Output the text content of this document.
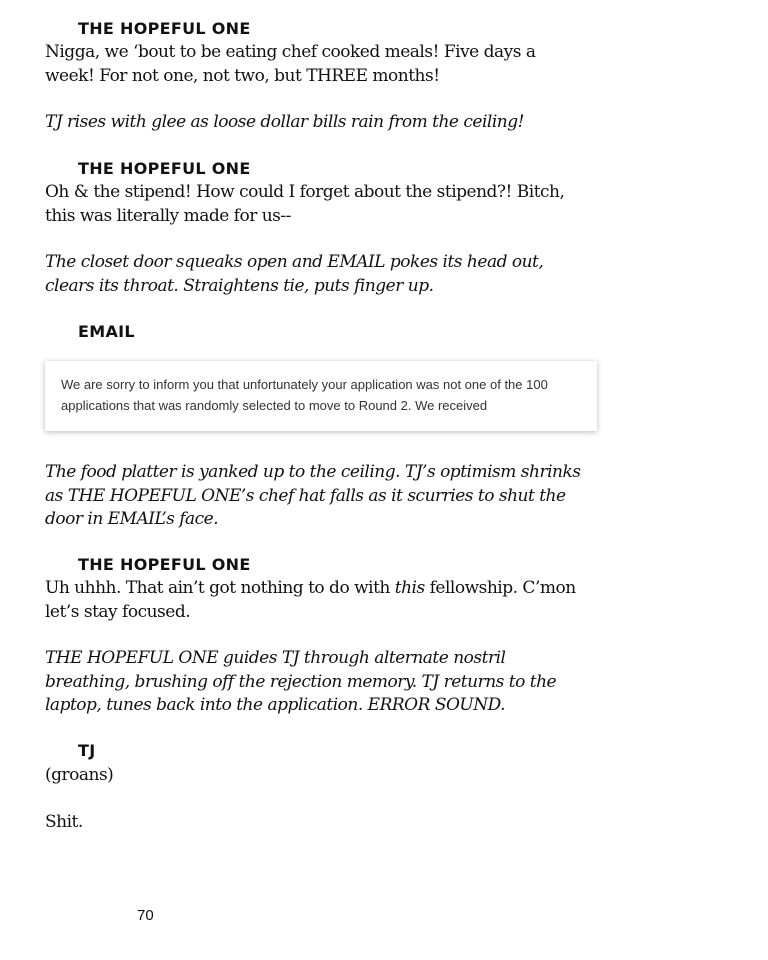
THE HOPEFUL ONE
Nigga, we ‘bout to be eating chef cooked meals! Five days a week! For not one, not two, but THREE months!
TJ rises with glee as loose dollar bills rain from the ceiling!
THE HOPEFUL ONE
Oh & the stipend! How could I forget about the stipend?! Bitch, this was literally made for us--
The closet door squeaks open and EMAIL pokes its head out, clears its throat. Straightens tie, puts finger up.
EMAIL
We are sorry to inform you that unfortunately your application was not one of the 100 applications that was randomly selected to move to Round 2. We received
The food platter is yanked up to the ceiling. TJ’s optimism shrinks as THE HOPEFUL ONE’s chef hat falls as it scurries to shut the door in EMAIL’s face.
THE HOPEFUL ONE
Uh uhhh. That ain’t got nothing to do with this fellowship. C’mon let’s stay focused.
THE HOPEFUL ONE guides TJ through alternate nostril breathing, brushing off the rejection memory. TJ returns to the laptop, tunes back into the application. ERROR SOUND.
TJ
(groans)
Shit.
70
